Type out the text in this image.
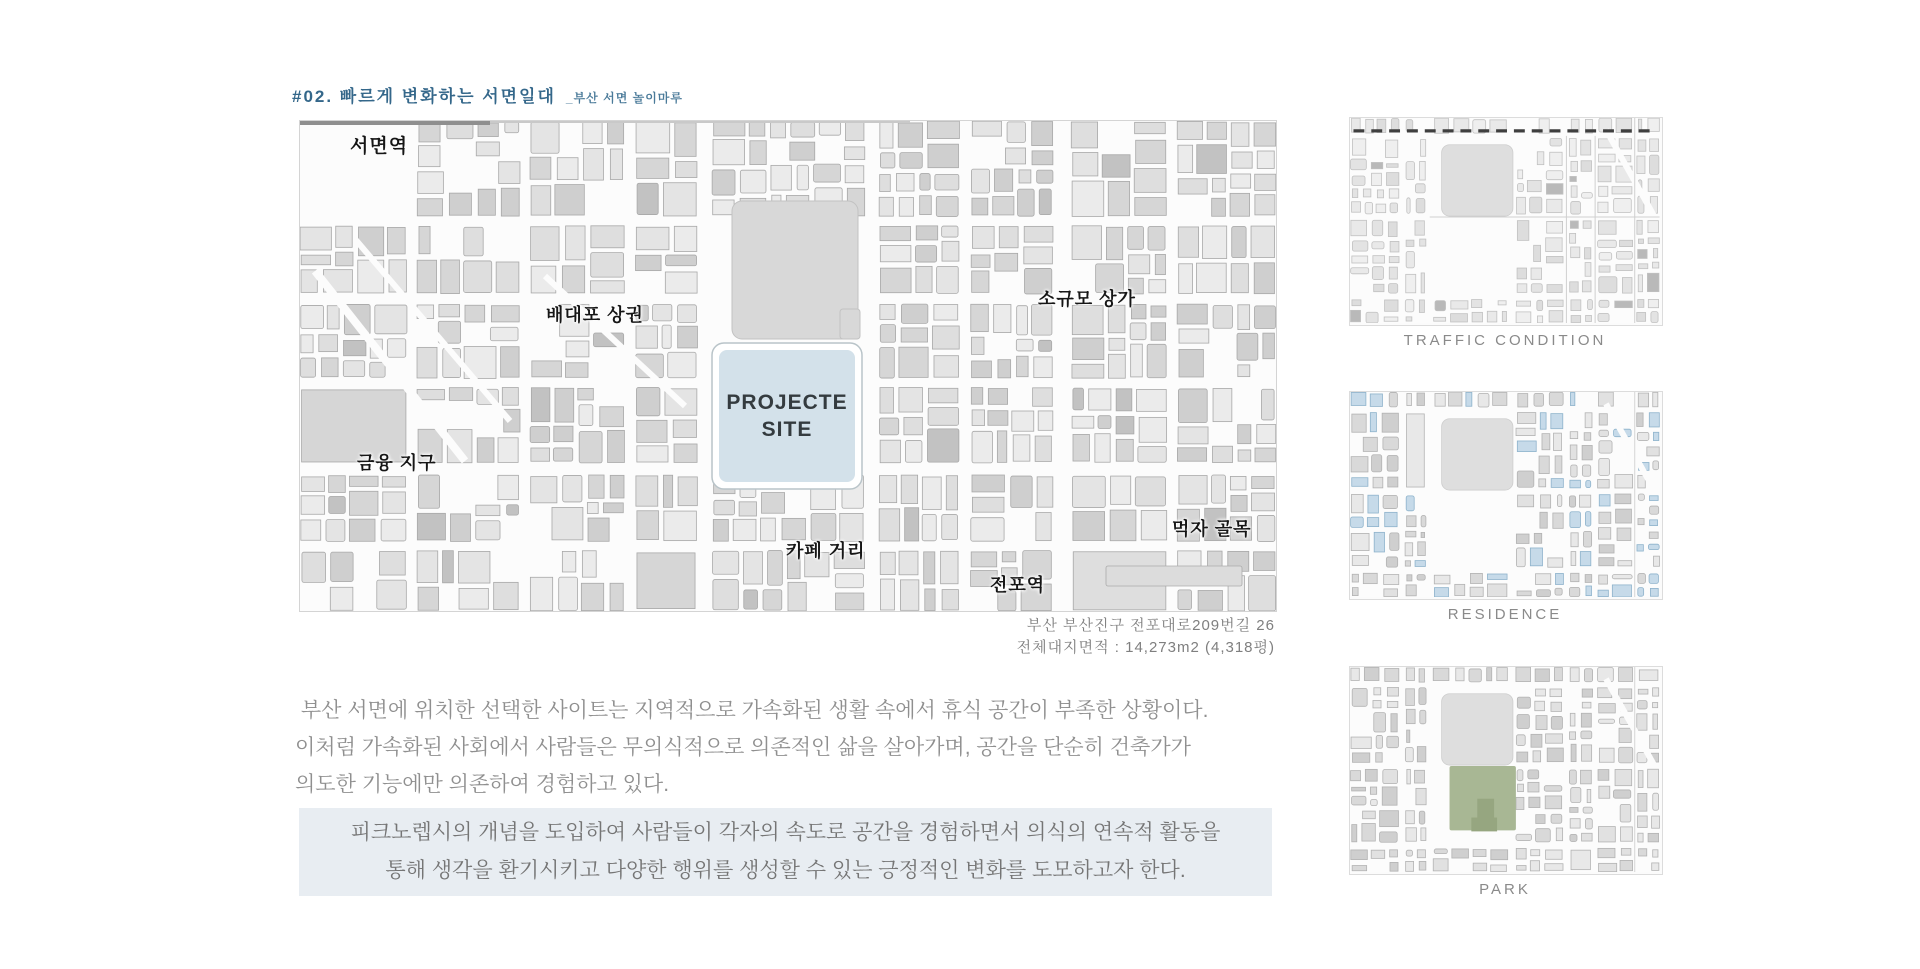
#02. 빠르게 변화하는 서면일대 _부산 서면 놀이마루
서면역
배대포 상권
소규모 상가
금융 지구
카페 거리
먹자 골목
전포역
PROJECTE
SITE
부산 부산진구 전포대로209번길 26
전체대지면적 : 14,273m2 (4,318평)
부산 서면에 위치한 선택한 사이트는 지역적으로 가속화된 생활 속에서 휴식 공간이 부족한 상황이다.
이처럼 가속화된 사회에서 사람들은 무의식적으로 의존적인 삶을 살아가며, 공간을 단순히 건축가가
의도한 기능에만 의존하여 경험하고 있다.
피크노렙시의 개념을 도입하여 사람들이 각자의 속도로 공간을 경험하면서 의식의 연속적 활동을
통해 생각을 환기시키고 다양한 행위를 생성할 수 있는 긍정적인 변화를 도모하고자 한다.
TRAFFIC CONDITION
RESIDENCE
PARK
